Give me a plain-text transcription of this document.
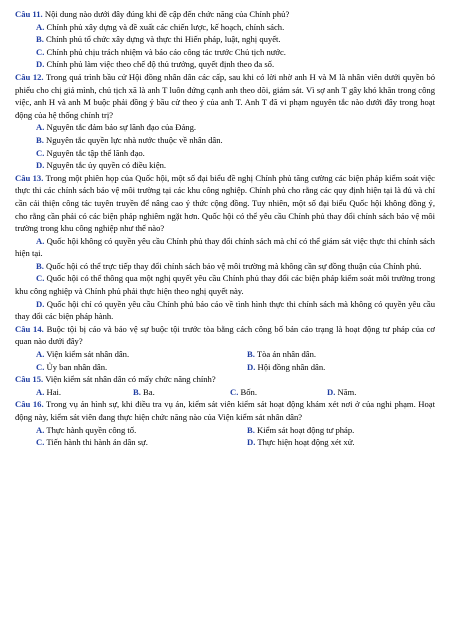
Câu 11. Nội dung nào dưới đây đúng khi đề cập đến chức năng của Chính phủ?

A. Chính phủ xây dựng và đề xuất các chiến lược, kế hoạch, chính sách.

B. Chính phủ tổ chức xây dựng và thực thi Hiến pháp, luật, nghị quyết.

C. Chính phủ chịu trách nhiệm và báo cáo công tác trước Chủ tịch nước.

D. Chính phủ làm việc theo chế độ thủ trưởng, quyết định theo đa số.

Câu 12. Trong quá trình bầu cử Hội đồng nhân dân các cấp, sau khi có lời nhờ anh H và M là nhân viên dưới quyền bỏ phiếu cho chị giả mình, chủ tịch xã là anh T luôn đứng cạnh anh theo dõi, giám sát. Vì sợ anh T gây khó khăn trong công việc, anh H và anh M buộc phải đồng ý bầu cử theo ý của anh T. Anh T đã vi phạm nguyên tắc nào dưới đây trong hoạt động của hệ thống chính trị?

A. Nguyên tắc đảm bảo sự lãnh đạo của Đảng.

B. Nguyên tắc quyền lực nhà nước thuộc về nhân dân.

C. Nguyên tắc tập thể lãnh đạo.

D. Nguyên tắc ủy quyền có điều kiện.

Câu 13. Trong một phiên họp của Quốc hội, một số đại biểu đề nghị Chính phủ tăng cường các biện pháp kiểm soát việc thực thi các chính sách bảo vệ môi trường tại các khu công nghiệp. Chính phủ cho rằng các quy định hiện tại là đủ và chỉ cần cải thiện công tác tuyên truyền để nâng cao ý thức cộng đồng. Tuy nhiên, một số đại biểu Quốc hội không đồng ý, cho rằng cần phải có các biện pháp nghiêm ngặt hơn. Quốc hội có thể yêu cầu Chính phủ thay đổi chính sách bảo vệ môi trường trong khu công nghiệp như thế nào?

A. Quốc hội không có quyền yêu cầu Chính phủ thay đổi chính sách mà chỉ có thể giám sát việc thực thi chính sách hiện tại.

B. Quốc hội có thể trực tiếp thay đổi chính sách bảo vệ môi trường mà không cần sự đồng thuận của Chính phủ.

C. Quốc hội có thể thông qua một nghị quyết yêu cầu Chính phủ thay đổi các biện pháp kiểm soát môi trường trong khu công nghiệp và Chính phủ phải thực hiện theo nghị quyết này.

D. Quốc hội chỉ có quyền yêu cầu Chính phủ báo cáo về tình hình thực thi chính sách mà không có quyền yêu cầu thay đổi các biện pháp hành.

Câu 14. Buộc tội bị cáo và bảo vệ sự buộc tội trước tòa bằng cách công bố bản cáo trạng là hoạt động tư pháp của cơ quan nào dưới đây?

A. Viện kiểm sát nhân dân.	B. Tòa án nhân dân.

C. Ủy ban nhân dân.	D. Hội đồng nhân dân.

Câu 15. Viện kiểm sát nhân dân có mấy chức năng chính?

A. Hai.	B. Ba.	C. Bốn.	D. Năm.

Câu 16. Trong vụ án hình sự, khi điều tra vụ án, kiểm sát viên kiểm sát hoạt động khám xét nơi ở của nghi phạm. Hoạt động này, kiểm sát viên đang thực hiện chức năng nào của Viện kiểm sát nhân dân?

A. Thực hành quyền công tố.	B. Kiểm sát hoạt động tư pháp.

C. Tiến hành thi hành án dân sự.	D. Thực hiện hoạt động xét xử.
